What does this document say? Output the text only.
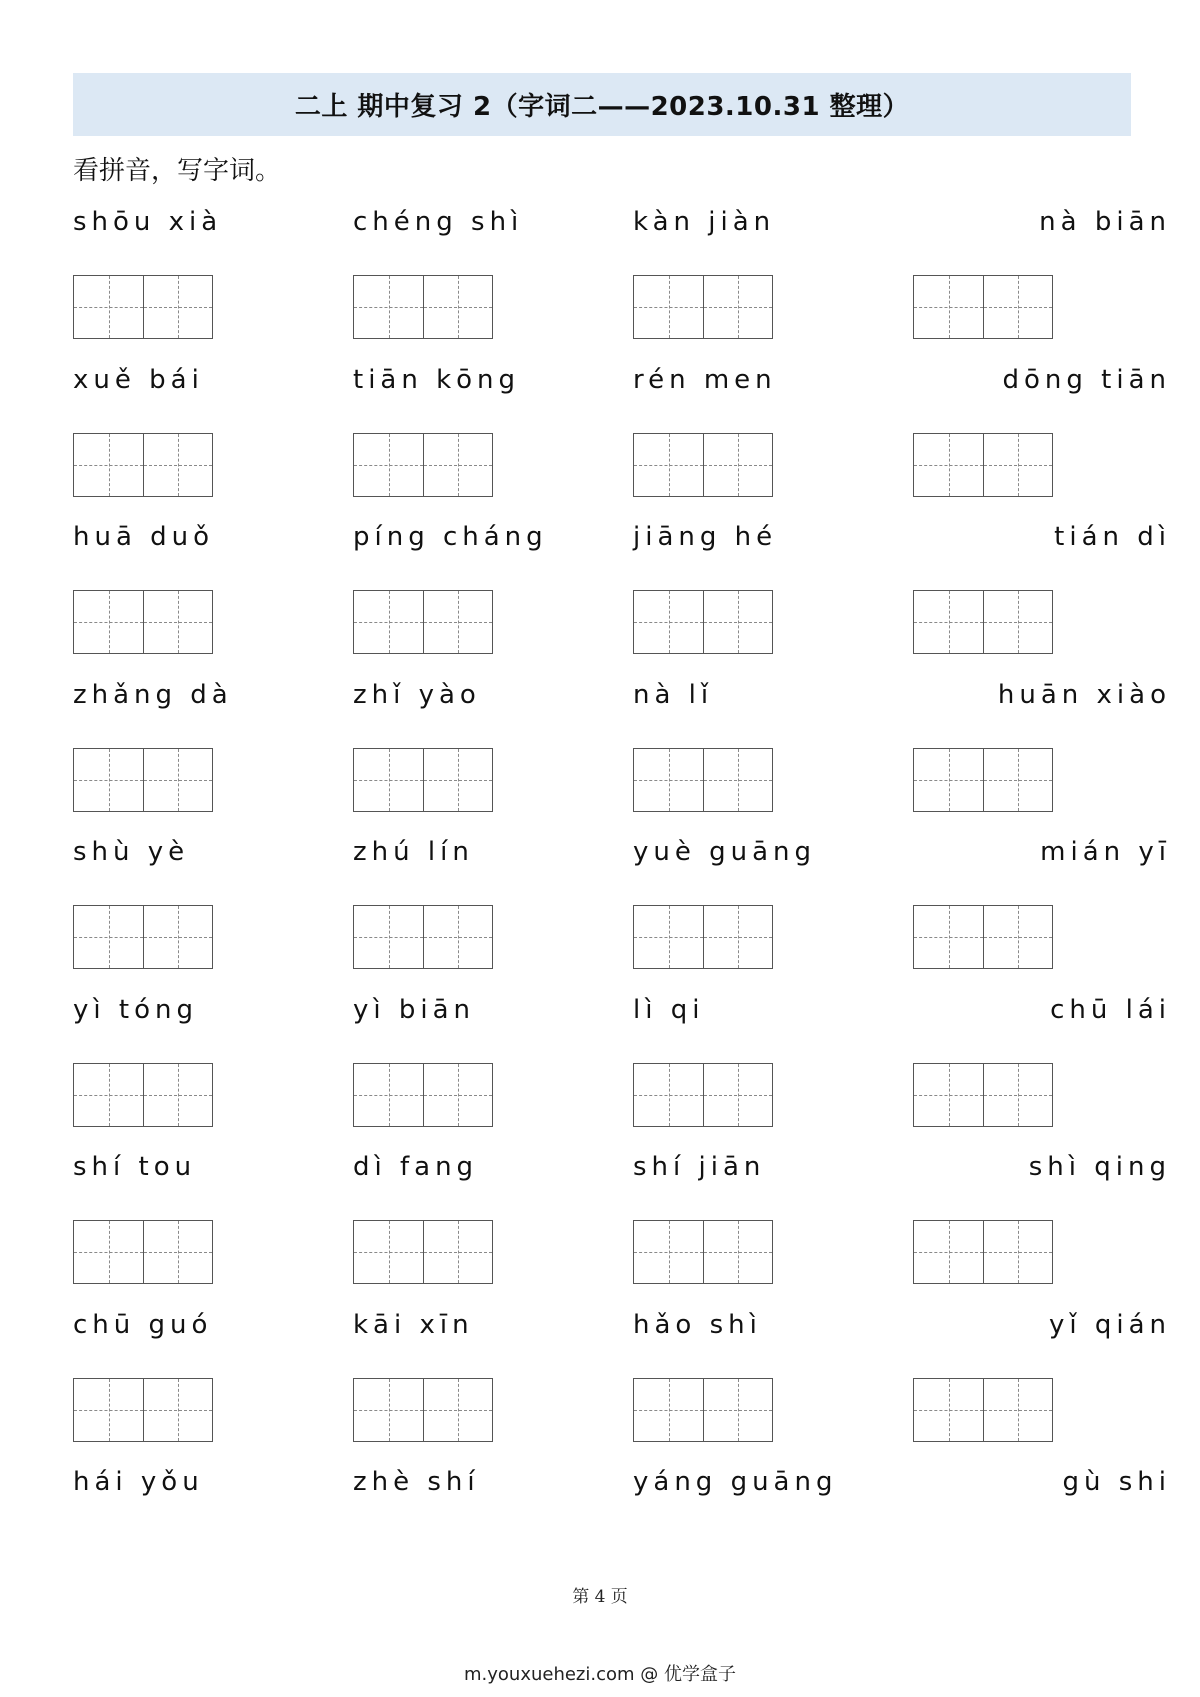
二上 期中复习 2（字词二——2023.10.31 整理）
看拼音，写字词。
shōu xià	chéng shì	kàn jiàn	nà biān
xuě bái	tiān kōng	rén men	dōng tiān
huā duǒ	píng cháng	jiāng hé	tián dì
zhǎng dà	zhǐ yào	nà lǐ	huān xiào
shù yè	zhú lín	yuè guāng	mián yī
yì tóng	yì biān	lì qi	chū lái
shí tou	dì fang	shí jiān	shì qing
chū guó	kāi xīn	hǎo shì	yǐ qián
hái yǒu	zhè shí	yáng guāng	gù shi
第 4 页
m.youxuehezi.com @ 优学盒子
